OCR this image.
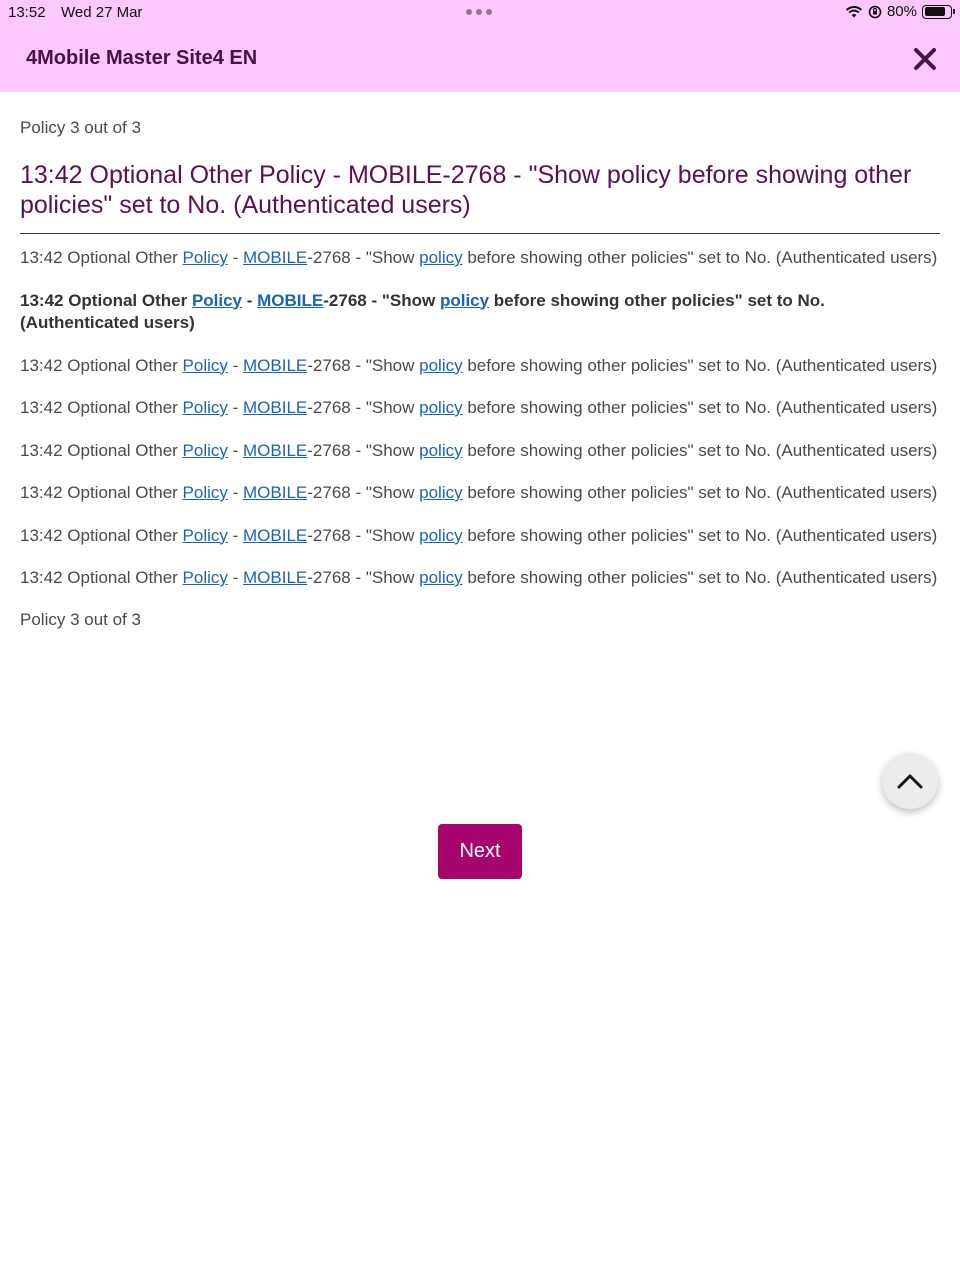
13:52 Wed 27 Mar	80%
4Mobile Master Site4 EN
Policy 3 out of 3
13:42 Optional Other Policy - MOBILE-2768 - "Show policy before showing other policies" set to No. (Authenticated users)

13:42 Optional Other Policy - MOBILE-2768 - "Show policy before showing other policies" set to No. (Authenticated users)

13:42 Optional Other Policy - MOBILE-2768 - "Show policy before showing other policies" set to No. (Authenticated users)

13:42 Optional Other Policy - MOBILE-2768 - "Show policy before showing other policies" set to No. (Authenticated users)

13:42 Optional Other Policy - MOBILE-2768 - "Show policy before showing other policies" set to No. (Authenticated users)

13:42 Optional Other Policy - MOBILE-2768 - "Show policy before showing other policies" set to No. (Authenticated users)

13:42 Optional Other Policy - MOBILE-2768 - "Show policy before showing other policies" set to No. (Authenticated users)

13:42 Optional Other Policy - MOBILE-2768 - "Show policy before showing other policies" set to No. (Authenticated users)

13:42 Optional Other Policy - MOBILE-2768 - "Show policy before showing other policies" set to No. (Authenticated users)

Policy 3 out of 3
Next
